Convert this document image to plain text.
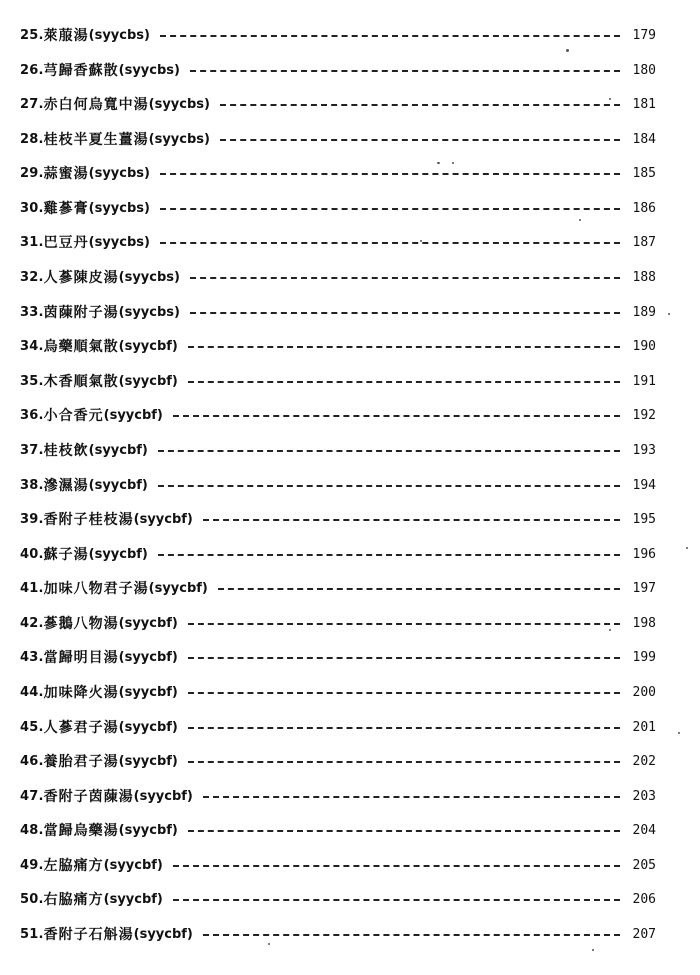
25. 萊菔湯 (syycbs)	179
26. 芎歸香蘇散 (syycbs)	180
27. 赤白何烏寬中湯 (syycbs)	181
28. 桂枝半夏生薑湯 (syycbs)	184
29. 蒜蜜湯 (syycbs)	185
30. 雞蔘膏 (syycbs)	186
31. 巴豆丹 (syycbs)	187
32. 人蔘陳皮湯 (syycbs)	188
33. 茵蔯附子湯 (syycbs)	189
34. 烏藥順氣散 (syycbf)	190
35. 木香順氣散 (syycbf)	191
36. 小合香元 (syycbf)	192
37. 桂枝飲 (syycbf)	193
38. 滲濕湯 (syycbf)	194
39. 香附子桂枝湯 (syycbf)	195
40. 蘇子湯 (syycbf)	196
41. 加味八物君子湯 (syycbf)	197
42. 蔘鵝八物湯 (syycbf)	198
43. 當歸明目湯 (syycbf)	199
44. 加味降火湯 (syycbf)	200
45. 人蔘君子湯 (syycbf)	201
46. 養胎君子湯 (syycbf)	202
47. 香附子茵蔯湯 (syycbf)	203
48. 當歸烏藥湯 (syycbf)	204
49. 左脇痛方 (syycbf)	205
50. 右脇痛方 (syycbf)	206
51. 香附子石斛湯 (syycbf)	207
